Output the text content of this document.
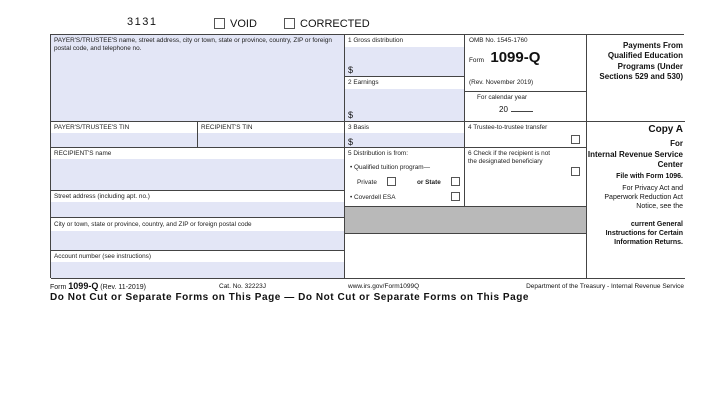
3131	VOID	CORRECTED
PAYER'S/TRUSTEE'S name, street address, city or town, state or province, country, ZIP or foreign postal code, and telephone no.
1 Gross distribution
$
2 Earnings
$
OMB No. 1545-1760
Form 1099-Q
(Rev. November 2019)
For calendar year
20
Payments From Qualified Education Programs (Under Sections 529 and 530)
PAYER'S/TRUSTEE'S TIN	RECIPIENT'S TIN	3 Basis
$
4 Trustee-to-trustee transfer
RECIPIENT'S name	5 Distribution is from:
• Qualified tuition program—
Private	or State
• Coverdell ESA
6 Check if the recipient is not the designated beneficiary
Street address (including apt. no.)
City or town, state or province, country, and ZIP or foreign postal code
Account number (see instructions)
Copy A
For
Internal Revenue Service Center
File with Form 1096.
For Privacy Act and Paperwork Reduction Act Notice, see the
current General Instructions for Certain Information Returns.
Form 1099-Q (Rev. 11-2019)	Cat. No. 32223J	www.irs.gov/Form1099Q	Department of the Treasury - Internal Revenue Service
Do Not Cut or Separate Forms on This Page — Do Not Cut or Separate Forms on This Page
